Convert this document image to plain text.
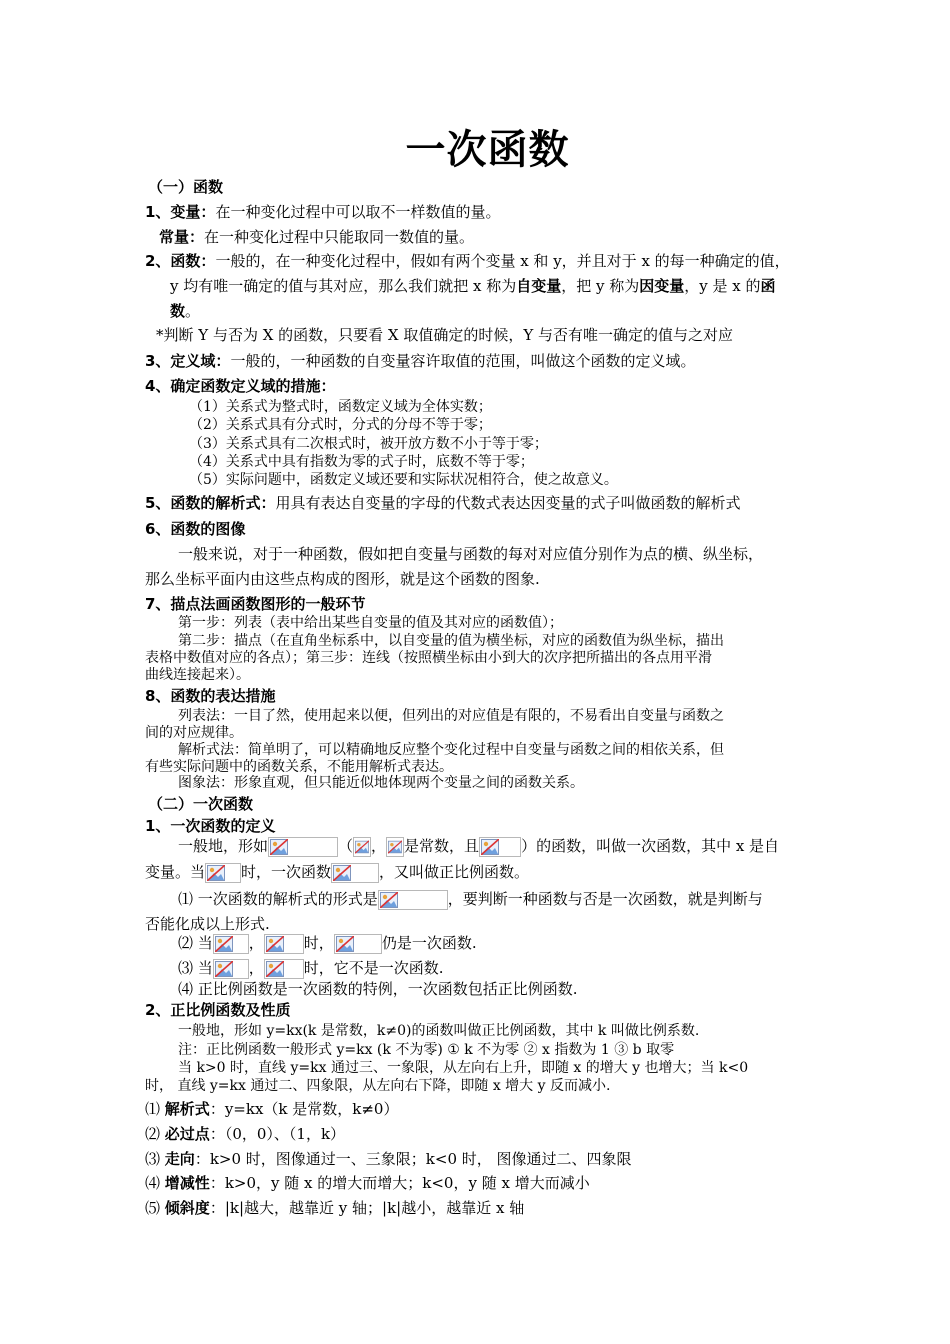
一次函数
（一）函数
1、变量：在一种变化过程中可以取不一样数值的量。
常量：在一种变化过程中只能取同一数值的量。
2、函数：一般的，在一种变化过程中，假如有两个变量 x 和 y，并且对于 x 的每一种确定的值，
y 均有唯一确定的值与其对应，那么我们就把 x 称为自变量，把 y 称为因变量，y 是 x 的函
数。
*判断 Y 与否为 X 的函数，只要看 X 取值确定的时候，Y 与否有唯一确定的值与之对应
3、定义域：一般的，一种函数的自变量容许取值的范围，叫做这个函数的定义域。
4、确定函数定义域的措施：
（1）关系式为整式时，函数定义域为全体实数；
（2）关系式具有分式时，分式的分母不等于零；
（3）关系式具有二次根式时，被开放方数不小于等于零；
（4）关系式中具有指数为零的式子时，底数不等于零；
（5）实际问题中，函数定义域还要和实际状况相符合，使之故意义。
5、函数的解析式：用具有表达自变量的字母的代数式表达因变量的式子叫做函数的解析式
6、函数的图像
一般来说，对于一种函数，假如把自变量与函数的每对对应值分别作为点的横、纵坐标，
那么坐标平面内由这些点构成的图形，就是这个函数的图象.
7、描点法画函数图形的一般环节
第一步：列表（表中给出某些自变量的值及其对应的函数值）；
第二步：描点（在直角坐标系中，以自变量的值为横坐标，对应的函数值为纵坐标，描出
表格中数值对应的各点）；第三步：连线（按照横坐标由小到大的次序把所描出的各点用平滑
曲线连接起来）。
8、函数的表达措施
列表法：一目了然，使用起来以便，但列出的对应值是有限的，不易看出自变量与函数之
间的对应规律。
解析式法：简单明了，可以精确地反应整个变化过程中自变量与函数之间的相依关系，但
有些实际问题中的函数关系，不能用解析式表达。
图象法：形象直观，但只能近似地体现两个变量之间的函数关系。
（二）一次函数
1、一次函数的定义
一般地，形如	（ ， 是常数，且	）的函数，叫做一次函数，其中 x 是自
变量。当 时，一次函数	，又叫做正比例函数。
⑴ 一次函数的解析式的形式是	，要判断一种函数与否是一次函数，就是判断与
否能化成以上形式.
⑵ 当 ，	时，	仍是一次函数.
⑶ 当 ，	时，它不是一次函数.
⑷ 正比例函数是一次函数的特例，一次函数包括正比例函数.
2、正比例函数及性质
一般地，形如 y=kx(k 是常数，k≠0)的函数叫做正比例函数，其中 k 叫做比例系数.
注：正比例函数一般形式 y=kx (k 不为零) ① k 不为零 ② x 指数为 1 ③ b 取零
当 k>0 时，直线 y=kx 通过三、一象限，从左向右上升，即随 x 的增大 y 也增大；当 k<0
时， 直线 y=kx 通过二、四象限，从左向右下降，即随 x 增大 y 反而减小.
⑴ 解析式：y=kx（k 是常数，k≠0）
⑵ 必过点：（0，0）、（1，k）
⑶ 走向：k>0 时，图像通过一、三象限；k<0 时， 图像通过二、四象限
⑷ 增减性：k>0，y 随 x 的增大而增大；k<0，y 随 x 增大而减小
⑸ 倾斜度：|k|越大，越靠近 y 轴；|k|越小，越靠近 x 轴
